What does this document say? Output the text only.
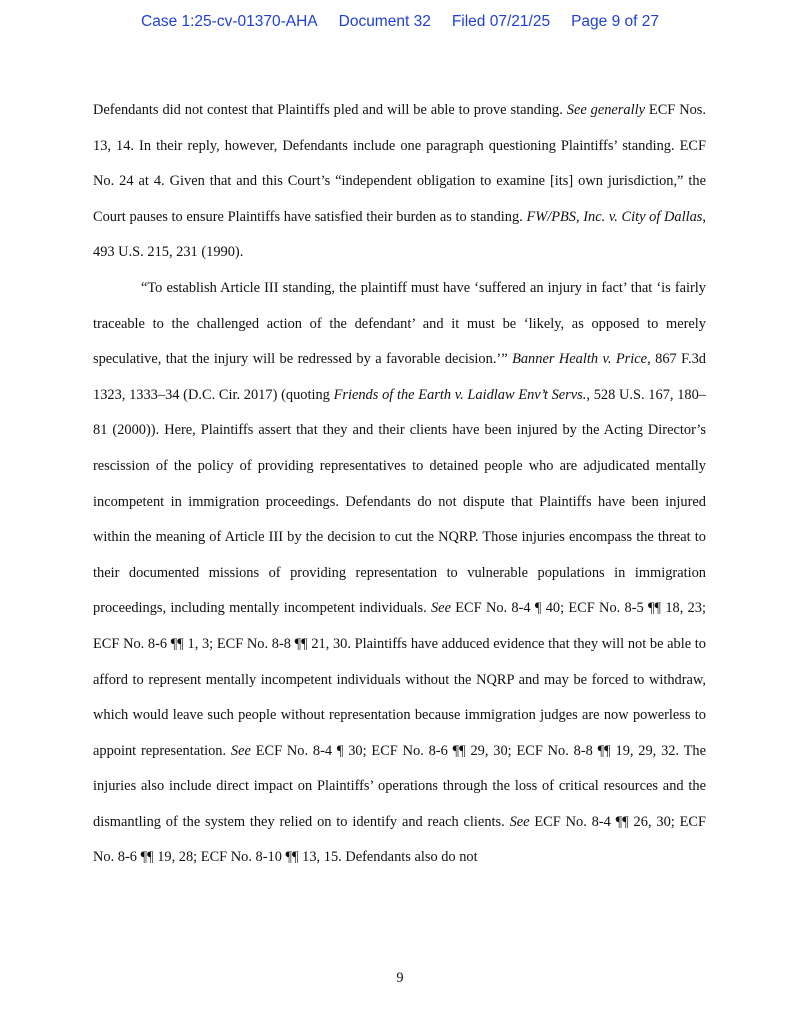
Case 1:25-cv-01370-AHA Document 32 Filed 07/21/25 Page 9 of 27

Defendants did not contest that Plaintiffs pled and will be able to prove standing. See generally ECF Nos. 13, 14. In their reply, however, Defendants include one paragraph questioning Plaintiffs’ standing. ECF No. 24 at 4. Given that and this Court’s “independent obligation to examine [its] own jurisdiction,” the Court pauses to ensure Plaintiffs have satisfied their burden as to standing. FW/PBS, Inc. v. City of Dallas, 493 U.S. 215, 231 (1990).

“To establish Article III standing, the plaintiff must have ‘suffered an injury in fact’ that ‘is fairly traceable to the challenged action of the defendant’ and it must be ‘likely, as opposed to merely speculative, that the injury will be redressed by a favorable decision.’” Banner Health v. Price, 867 F.3d 1323, 1333–34 (D.C. Cir. 2017) (quoting Friends of the Earth v. Laidlaw Env’t Servs., 528 U.S. 167, 180–81 (2000)). Here, Plaintiffs assert that they and their clients have been injured by the Acting Director’s rescission of the policy of providing representatives to detained people who are adjudicated mentally incompetent in immigration proceedings. Defendants do not dispute that Plaintiffs have been injured within the meaning of Article III by the decision to cut the NQRP. Those injuries encompass the threat to their documented missions of providing representation to vulnerable populations in immigration proceedings, including mentally incompetent individuals. See ECF No. 8-4 ¶ 40; ECF No. 8-5 ¶¶ 18, 23; ECF No. 8-6 ¶¶ 1, 3; ECF No. 8-8 ¶¶ 21, 30. Plaintiffs have adduced evidence that they will not be able to afford to represent mentally incompetent individuals without the NQRP and may be forced to withdraw, which would leave such people without representation because immigration judges are now powerless to appoint representation. See ECF No. 8-4 ¶ 30; ECF No. 8-6 ¶¶ 29, 30; ECF No. 8-8 ¶¶ 19, 29, 32. The injuries also include direct impact on Plaintiffs’ operations through the loss of critical resources and the dismantling of the system they relied on to identify and reach clients. See ECF No. 8-4 ¶¶ 26, 30; ECF No. 8-6 ¶¶ 19, 28; ECF No. 8-10 ¶¶ 13, 15. Defendants also do not

9
